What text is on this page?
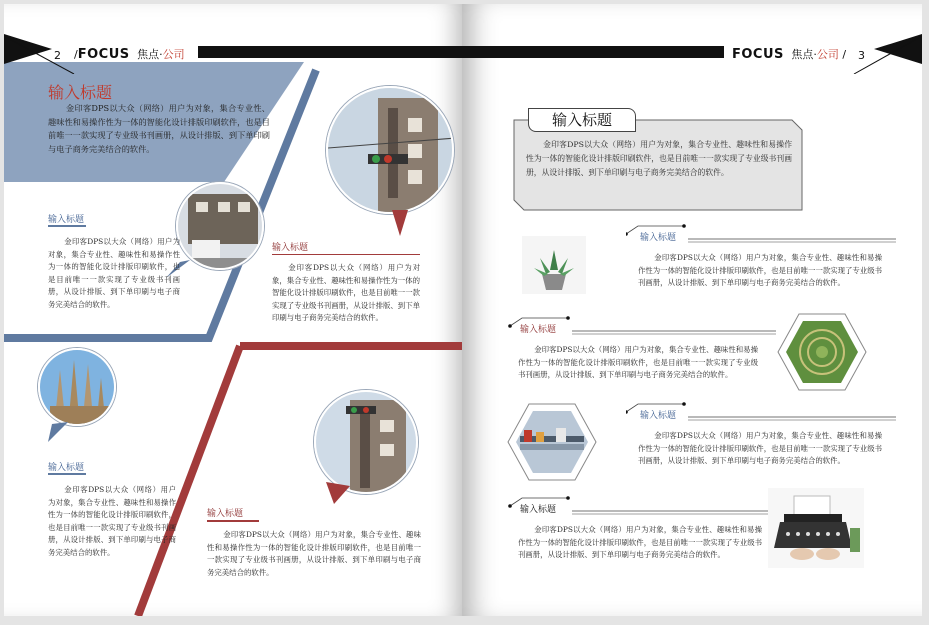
2 /FOCUS 焦点·公司
输入标题
金印客DPS以大众（网络）用户为对象，集合专业性、趣味性和易操作性为一体的智能化设计排版印刷软件，也是目前唯一一款实现了专业级书刊画册，从设计排版、到下单印刷与电子商务完美结合的软件。
输入标题
金印客DPS以大众（网络）用户为对象，集合专业性、趣味性和易操作性为一体的智能化设计排版印刷软件，也是目前唯一一款实现了专业级书刊画册，从设计排版、到下单印刷与电子商务完美结合的软件。
输入标题
金印客DPS以大众（网络）用户为对象，集合专业性、趣味性和易操作性为一体的智能化设计排版印刷软件，也是目前唯一一款实现了专业级书刊画册，从设计排版、到下单印刷与电子商务完美结合的软件。
输入标题
金印客DPS以大众（网络）用户为对象，集合专业性、趣味性和易操作性为一体的智能化设计排版印刷软件，也是目前唯一一款实现了专业级书刊画册，从设计排版、到下单印刷与电子商务完美结合的软件。
输入标题
金印客DPS以大众（网络）用户为对象，集合专业性、趣味性和易操作性为一体的智能化设计排版印刷软件，也是目前唯一一款实现了专业级书刊画册，从设计排版、到下单印刷与电子商务完美结合的软件。
FOCUS 焦点·公司 / 3
输入标题
金印客DPS以大众（网络）用户为对象，集合专业性、趣味性和易操作性为一体的智能化设计排版印刷软件，也是目前唯一一款实现了专业级书刊画册，从设计排版、到下单印刷与电子商务完美结合的软件。
输入标题
金印客DPS以大众（网络）用户为对象，集合专业性、趣味性和易操作性为一体的智能化设计排版印刷软件，也是目前唯一一款实现了专业级书刊画册，从设计排版、到下单印刷与电子商务完美结合的软件。
输入标题
金印客DPS以大众（网络）用户为对象，集合专业性、趣味性和易操作性为一体的智能化设计排版印刷软件，也是目前唯一一款实现了专业级书刊画册，从设计排版、到下单印刷与电子商务完美结合的软件。
输入标题
金印客DPS以大众（网络）用户为对象，集合专业性、趣味性和易操作性为一体的智能化设计排版印刷软件，也是目前唯一一款实现了专业级书刊画册，从设计排版、到下单印刷与电子商务完美结合的软件。
输入标题
金印客DPS以大众（网络）用户为对象，集合专业性、趣味性和易操作性为一体的智能化设计排版印刷软件，也是目前唯一一款实现了专业级书刊画册，从设计排版、到下单印刷与电子商务完美结合的软件。
